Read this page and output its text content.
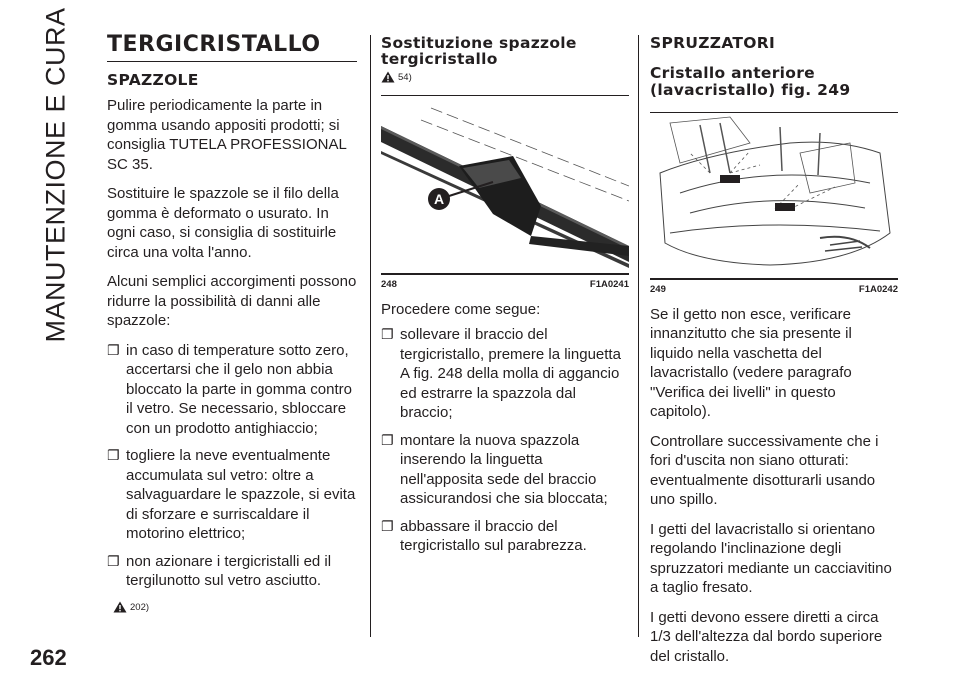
MANUTENZIONE E CURA
262
TERGICRISTALLO
SPAZZOLE

Pulire periodicamente la parte in gomma usando appositi prodotti; si consiglia TUTELA PROFESSIONAL SC 35.

Sostituire le spazzole se il filo della gomma è deformato o usurato. In ogni caso, si consiglia di sostituirle circa una volta l'anno.

Alcuni semplici accorgimenti possono ridurre la possibilità di danni alle spazzole:

❐ in caso di temperature sotto zero, accertarsi che il gelo non abbia bloccato la parte in gomma contro il vetro. Se necessario, sbloccare con un prodotto antighiaccio;
❐ togliere la neve eventualmente accumulata sul vetro: oltre a salvaguardare le spazzole, si evita di sforzare e surriscaldare il motorino elettrico;
❐ non azionare i tergicristalli ed il tergilunotto sul vetro asciutto.
202)
Sostituzione spazzole tergicristallo
54)
A
248	F1A0241

Procedere come segue:

❐ sollevare il braccio del tergicristallo, premere la linguetta A fig. 248 della molla di aggancio ed estrarre la spazzola dal braccio;
❐ montare la nuova spazzola inserendo la linguetta nell'apposita sede del braccio assicurandosi che sia bloccata;
❐ abbassare il braccio del tergicristallo sul parabrezza.
SPRUZZATORI
Cristallo anteriore (lavacristallo) fig. 249
249	F1A0242

Se il getto non esce, verificare innanzitutto che sia presente il liquido nella vaschetta del lavacristallo (vedere paragrafo "Verifica dei livelli" in questo capitolo).

Controllare successivamente che i fori d'uscita non siano otturati: eventualmente disotturarli usando uno spillo.

I getti del lavacristallo si orientano regolando l'inclinazione degli spruzzatori mediante un cacciavitino a taglio fresato.

I getti devono essere diretti a circa 1/3 dell'altezza dal bordo superiore del cristallo.
